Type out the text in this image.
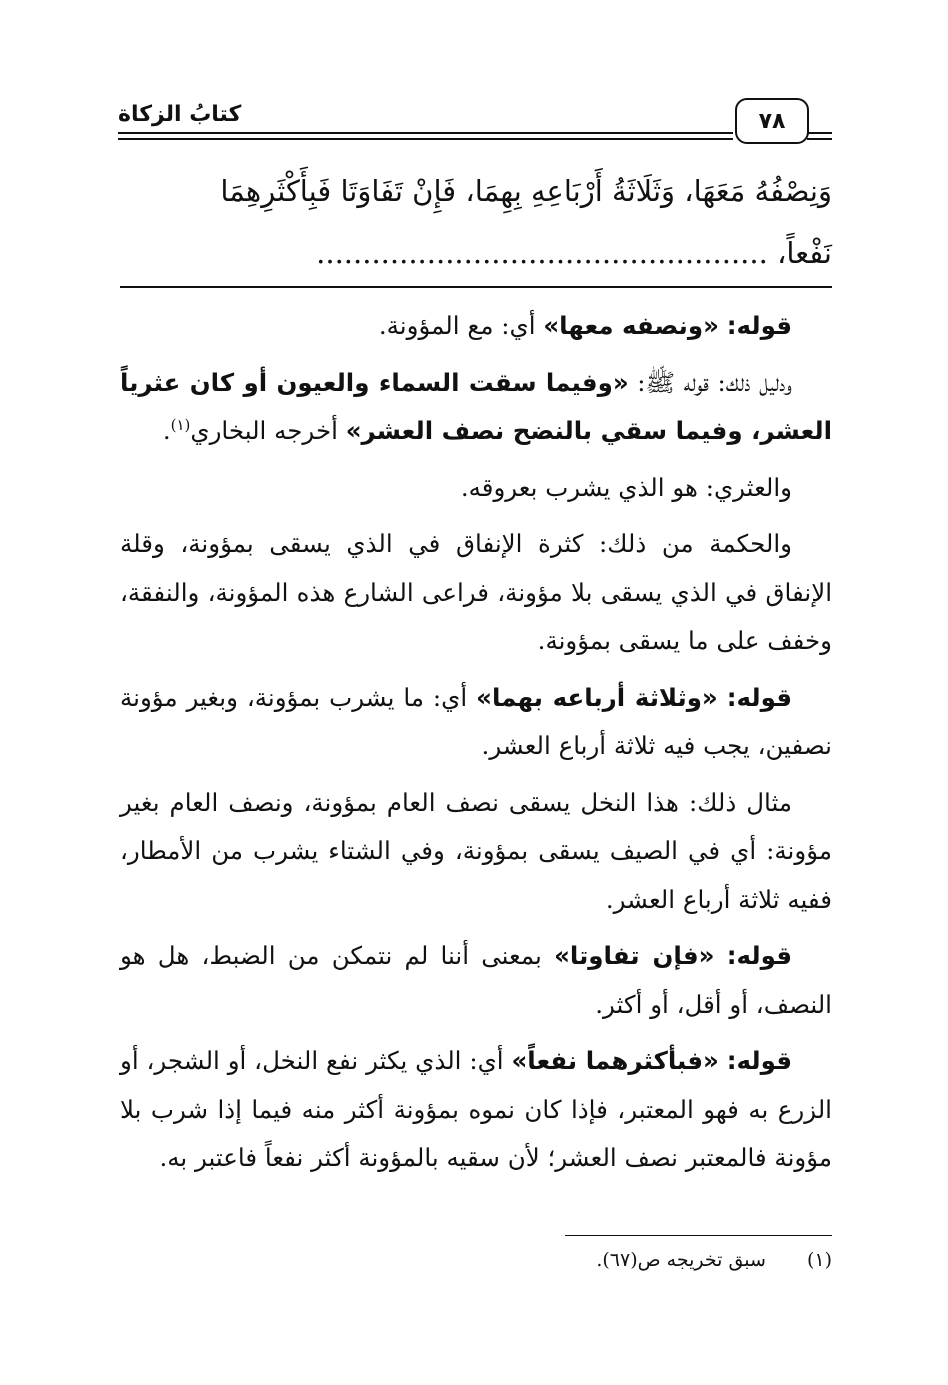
كتابُ الزكاة	٧٨
وَنِصْفُهُ مَعَهَا، وَثَلَاثَةُ أَرْبَاعِهِ بِهِمَا، فَإِنْ تَفَاوَتَا فَبِأَكْثَرِهِمَا
نَفْعاً، .................................................

قوله: «ونصفه معها» أي: مع المؤونة.

ودليل ذلك: قوله ﷺ: «وفيما سقت السماء والعيون أو كان عثرياً العشر، وفيما سقي بالنضح نصف العشر» أخرجه البخاري$^{(١)}$.

والعثري: هو الذي يشرب بعروقه.

والحكمة من ذلك: كثرة الإنفاق في الذي يسقى بمؤونة، وقلة الإنفاق في الذي يسقى بلا مؤونة، فراعى الشارع هذه المؤونة، والنفقة، وخفف على ما يسقى بمؤونة.

قوله: «وثلاثة أرباعه بهما» أي: ما يشرب بمؤونة، وبغير مؤونة نصفين، يجب فيه ثلاثة أرباع العشر.

مثال ذلك: هذا النخل يسقى نصف العام بمؤونة، ونصف العام بغير مؤونة: أي في الصيف يسقى بمؤونة، وفي الشتاء يشرب من الأمطار، ففيه ثلاثة أرباع العشر.

قوله: «فإن تفاوتا» بمعنى أننا لم نتمكن من الضبط، هل هو النصف، أو أقل، أو أكثر.

قوله: «فبأكثرهما نفعاً» أي: الذي يكثر نفع النخل، أو الشجر، أو الزرع به فهو المعتبر، فإذا كان نموه بمؤونة أكثر منه فيما إذا شرب بلا مؤونة فالمعتبر نصف العشر؛ لأن سقيه بالمؤونة أكثر نفعاً فاعتبر به.

(١) سبق تخريجه ص(٦٧).
